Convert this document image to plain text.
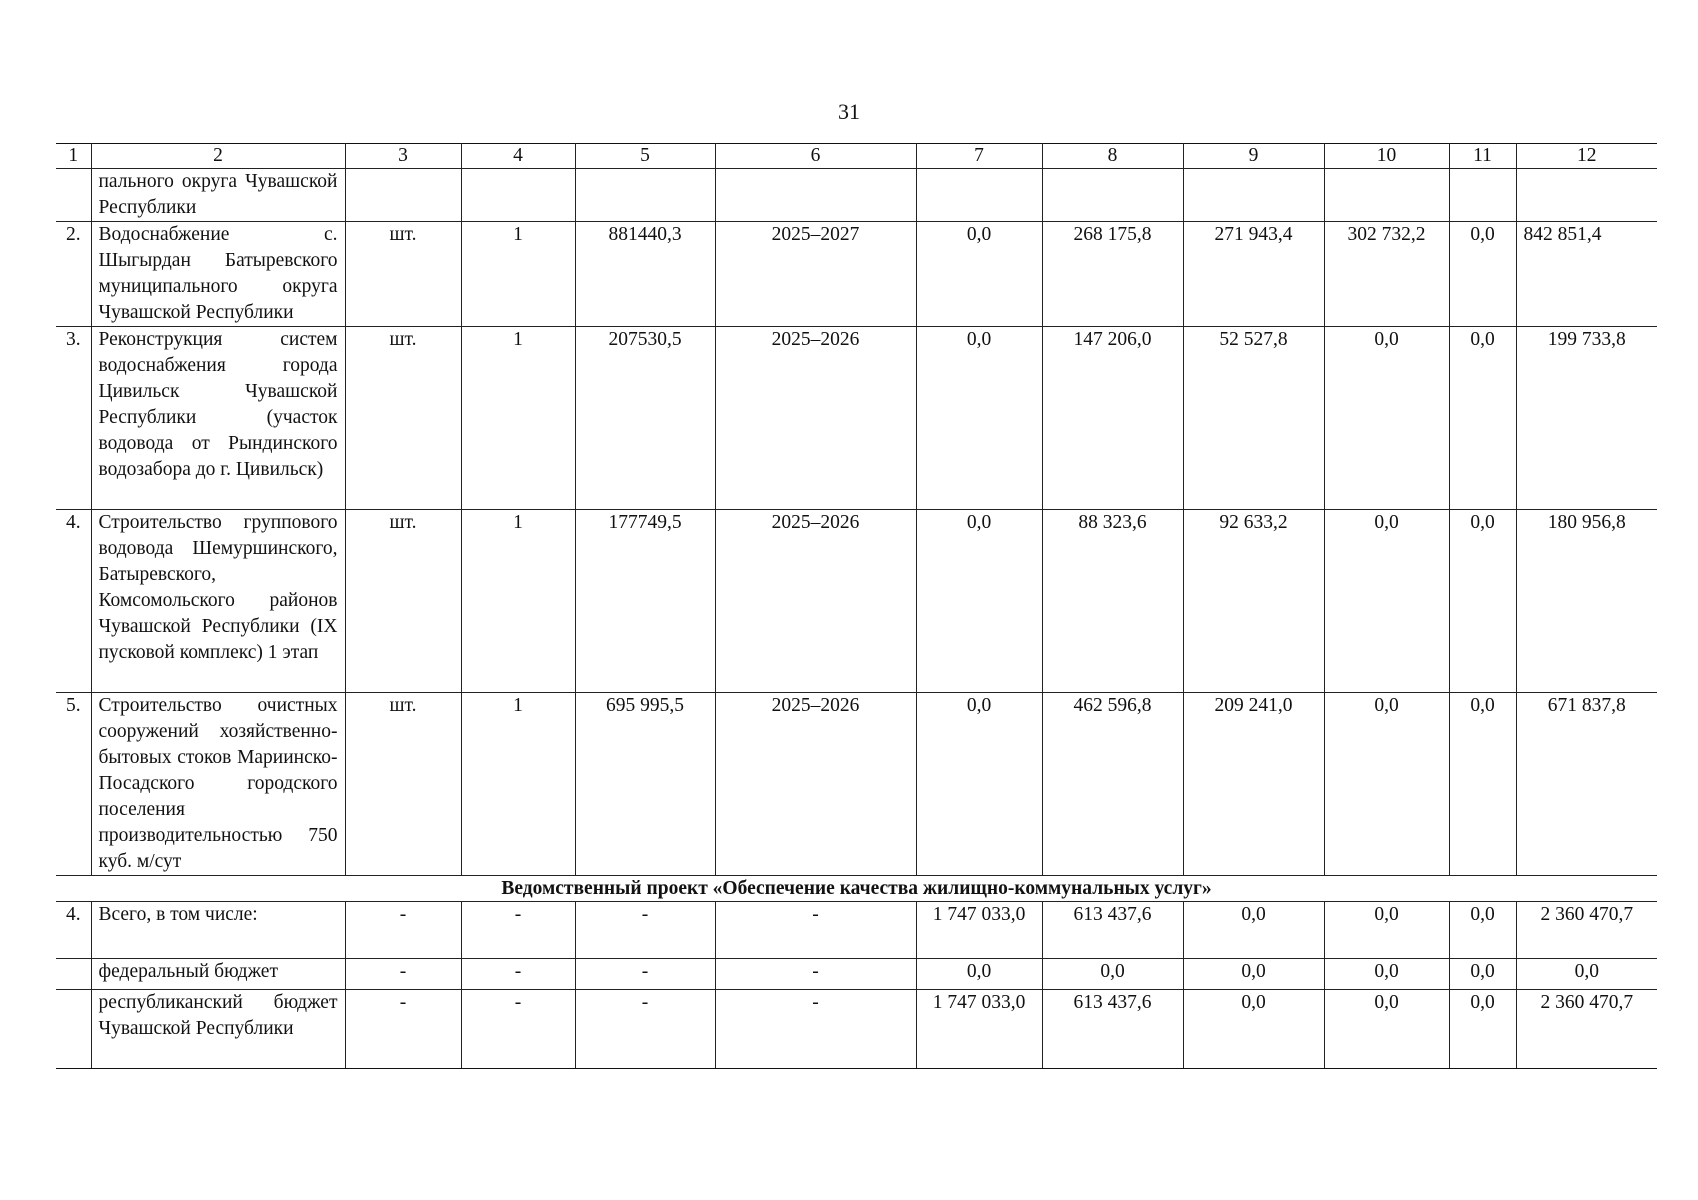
31
1	2	3	4	5	6	7	8	9	10	11	12
	пального округа Чувашской Республики										
2.	Водоснабжение с. Шыгырдан Батыревского муниципального округа Чувашской Республики	шт.	1	881440,3	2025–2027	0,0	268 175,8	271 943,4	302 732,2	0,0	842 851,4
3.	Реконструкция систем водоснабжения города Цивильск Чувашской Республики (участок водовода от Рындинского водозабора до г. Цивильск)	шт.	1	207530,5	2025–2026	0,0	147 206,0	52 527,8	0,0	0,0	199 733,8
4.	Строительство группового водовода Шемуршинского, Батыревского, Комсомольского районов Чувашской Республики (IX пусковой комплекс) 1 этап	шт.	1	177749,5	2025–2026	0,0	88 323,6	92 633,2	0,0	0,0	180 956,8
5.	Строительство очистных сооружений хозяйственно-бытовых стоков Мариинско-Посадского городского поселения производительностью 750 куб. м/сут	шт.	1	695 995,5	2025–2026	0,0	462 596,8	209 241,0	0,0	0,0	671 837,8
Ведомственный проект «Обеспечение качества жилищно-коммунальных услуг»											
4.	Всего, в том числе:	-	-	-	-	1 747 033,0	613 437,6	0,0	0,0	0,0	2 360 470,7
	федеральный бюджет	-	-	-	-	0,0	0,0	0,0	0,0	0,0	0,0
	республиканский бюджет Чувашской Республики	-	-	-	-	1 747 033,0	613 437,6	0,0	0,0	0,0	2 360 470,7
